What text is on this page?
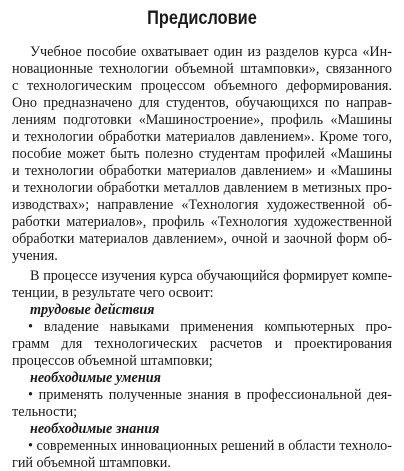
Предисловие
Учебное пособие охватывает один из разделов курса «Ин-
новационные технологии объемной штамповки», связанного
с технологическим процессом объемного деформирования.
Оно предназначено для студентов, обучающихся по направ-
лениям подготовки «Машиностроение», профиль «Машины
и технологии обработки материалов давлением». Кроме того,
пособие может быть полезно студентам профилей «Машины
и технологии обработки материалов давлением» и «Машины
и технологии обработки металлов давлением в метизных про-
изводствах»; направление «Технология художественной об-
работки материалов», профиль «Технология художественной
обработки материалов давлением», очной и заочной форм об-
учения.
В процессе изучения курса обучающийся формирует компе-
тенции, в результате чего освоит:
трудовые действия
• владение навыками применения компьютерных про-
грамм для технологических расчетов и проектирования
процессов объемной штамповки;
необходимые умения
• применять полученные знания в профессиональной дея-
тельности;
необходимые знания
• современных инновационных решений в области техноло-
гий объемной штамповки.
